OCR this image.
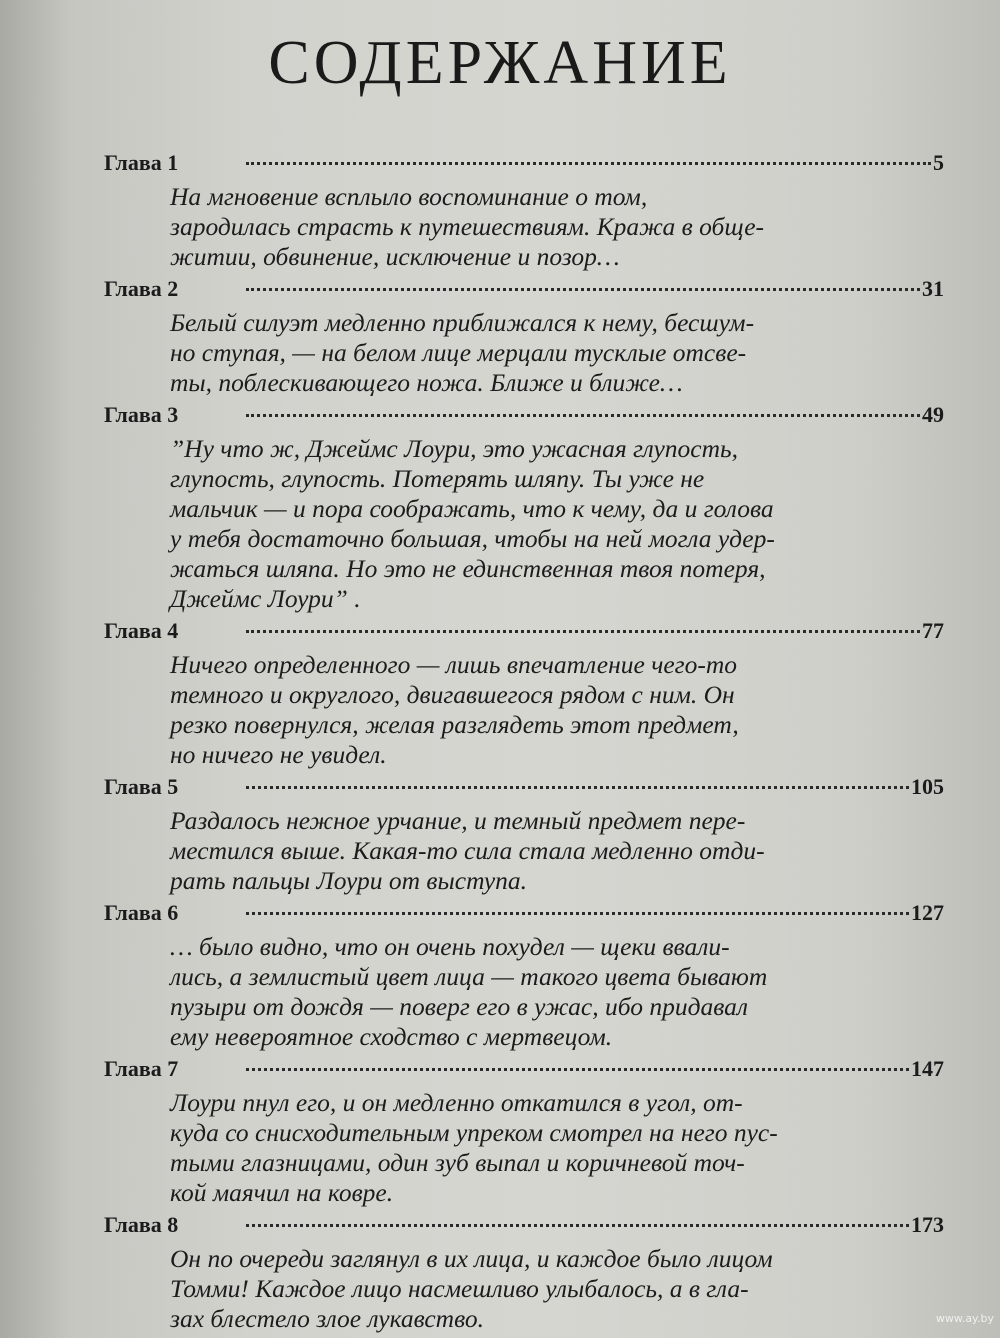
СОДЕРЖАНИЕ
Глава 1	5
На мгновение всплыло воспоминание о том,
зародилась страсть к путешествиям. Кража в обще-
житии, обвинение, исключение и позор…
Глава 2	31
Белый силуэт медленно приближался к нему, бесшум-
но ступая, — на белом лице мерцали тусклые отсве-
ты, поблескивающего ножа. Ближе и ближе…
Глава 3	49
”Ну что ж, Джеймс Лоури, это ужасная глупость,
глупость, глупость. Потерять шляпу. Ты уже не
мальчик — и пора соображать, что к чему, да и голова
у тебя достаточно большая, чтобы на ней могла удер-
жаться шляпа. Но это не единственная твоя потеря,
Джеймс Лоури” .
Глава 4	77
Ничего определенного — лишь впечатление чего-то
темного и округлого, двигавшегося рядом с ним. Он
резко повернулся, желая разглядеть этот предмет,
но ничего не увидел.
Глава 5	105
Раздалось нежное урчание, и темный предмет пере-
местился выше. Какая-то сила стала медленно отди-
рать пальцы Лоури от выступа.
Глава 6	127
… было видно, что он очень похудел — щеки ввали-
лись, а землистый цвет лица — такого цвета бывают
пузыри от дождя — поверг его в ужас, ибо придавал
ему невероятное сходство с мертвецом.
Глава 7	147
Лоури пнул его, и он медленно откатился в угол, от-
куда со снисходительным упреком смотрел на него пус-
тыми глазницами, один зуб выпал и коричневой точ-
кой маячил на ковре.
Глава 8	173
Он по очереди заглянул в их лица, и каждое было лицом
Томми! Каждое лицо насмешливо улыбалось, а в гла-
зах блестело злое лукавство.	www.ay.by
